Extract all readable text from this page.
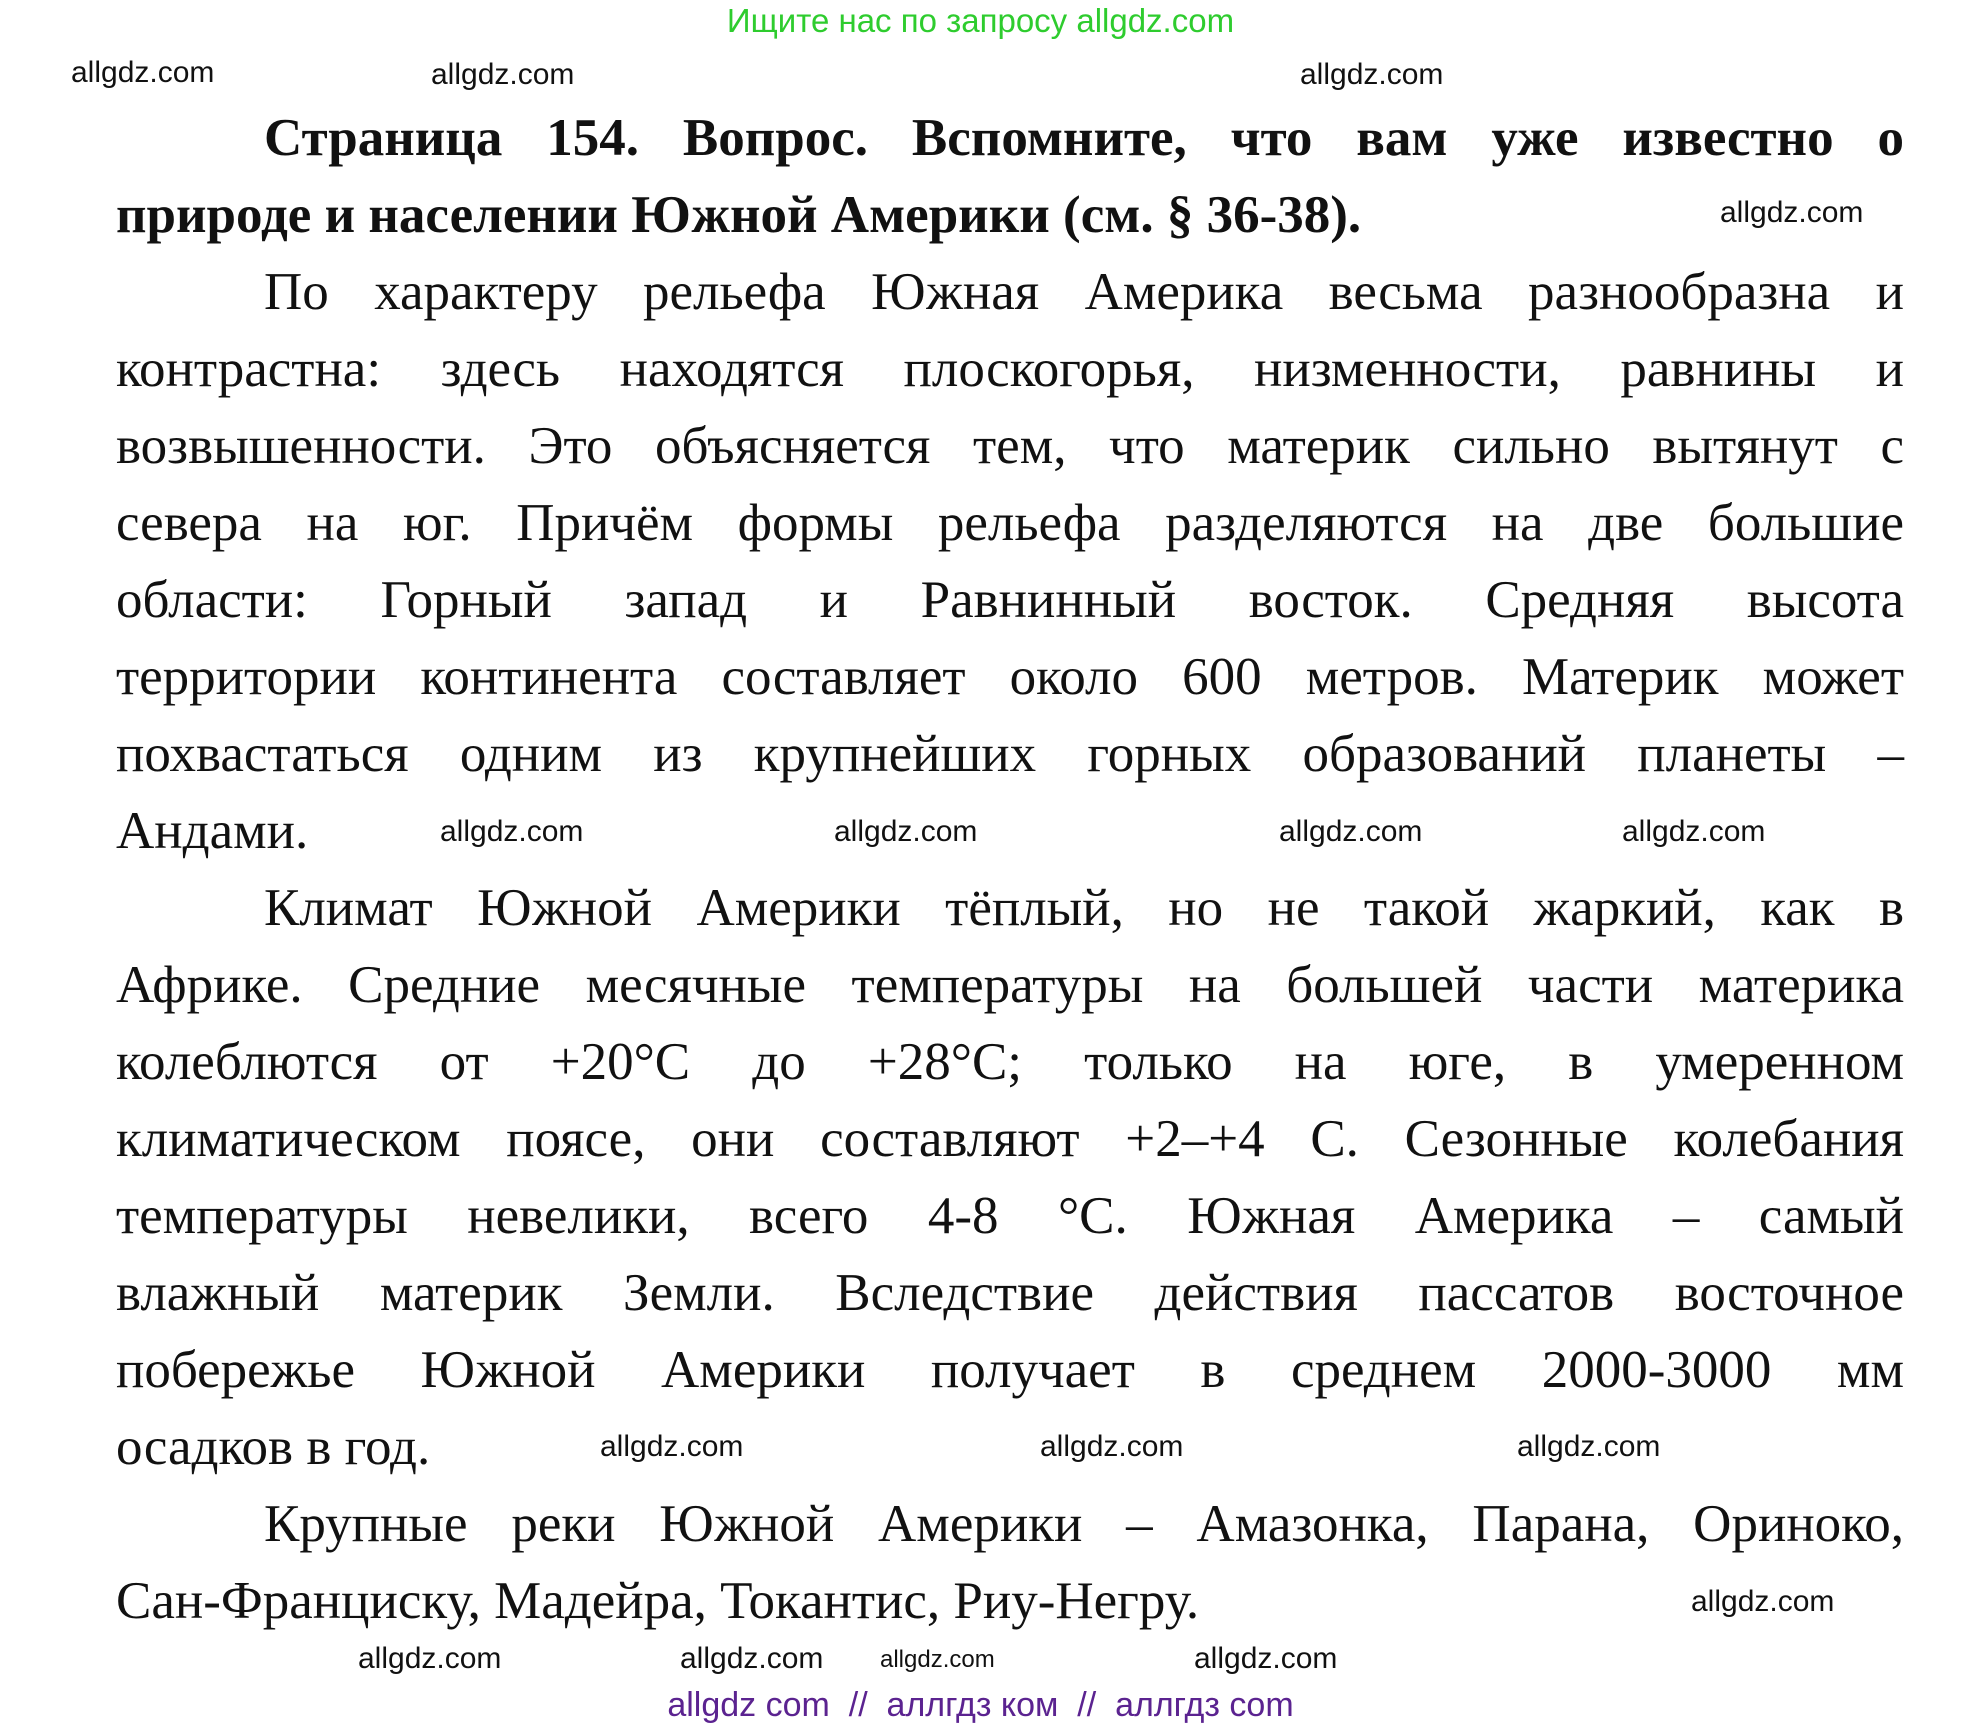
Ищите нас по запросу allgdz.com
Страница 154. Вопрос. Вспомните, что вам уже известно о
природе и населении Южной Америки (см. § 36-38).
По характеру рельефа Южная Америка весьма разнообразна и
контрастна: здесь находятся плоскогорья, низменности, равнины и
возвышенности. Это объясняется тем, что материк сильно вытянут с
севера на юг. Причём формы рельефа разделяются на две большие
области: Горный запад и Равнинный восток. Средняя высота
территории континента составляет около 600 метров. Материк может
похвастаться одним из крупнейших горных образований планеты –
Андами.
Климат Южной Америки тёплый, но не такой жаркий, как в
Африке. Средние месячные температуры на большей части материка
колеблются от +20°С до +28°С; только на юге, в умеренном
климатическом поясе, они составляют +2–+4 С. Сезонные колебания
температуры невелики, всего 4-8 °С. Южная Америка – самый
влажный материк Земли. Вследствие действия пассатов восточное
побережье Южной Америки получает в среднем 2000-3000 мм
осадков в год.
Крупные реки Южной Америки – Амазонка, Парана, Ориноко,
Сан-Франциску, Мадейра, Токантис, Риу-Негру.
allgdz.com	allgdz.com	allgdz.com
allgdz.com
allgdz.com	allgdz.com	allgdz.com	allgdz.com
allgdz.com	allgdz.com	allgdz.com
allgdz.com
allgdz.com	allgdz.com allgdz.com	allgdz.com
allgdz com  //  аллгдз ком  //  аллгдз com
